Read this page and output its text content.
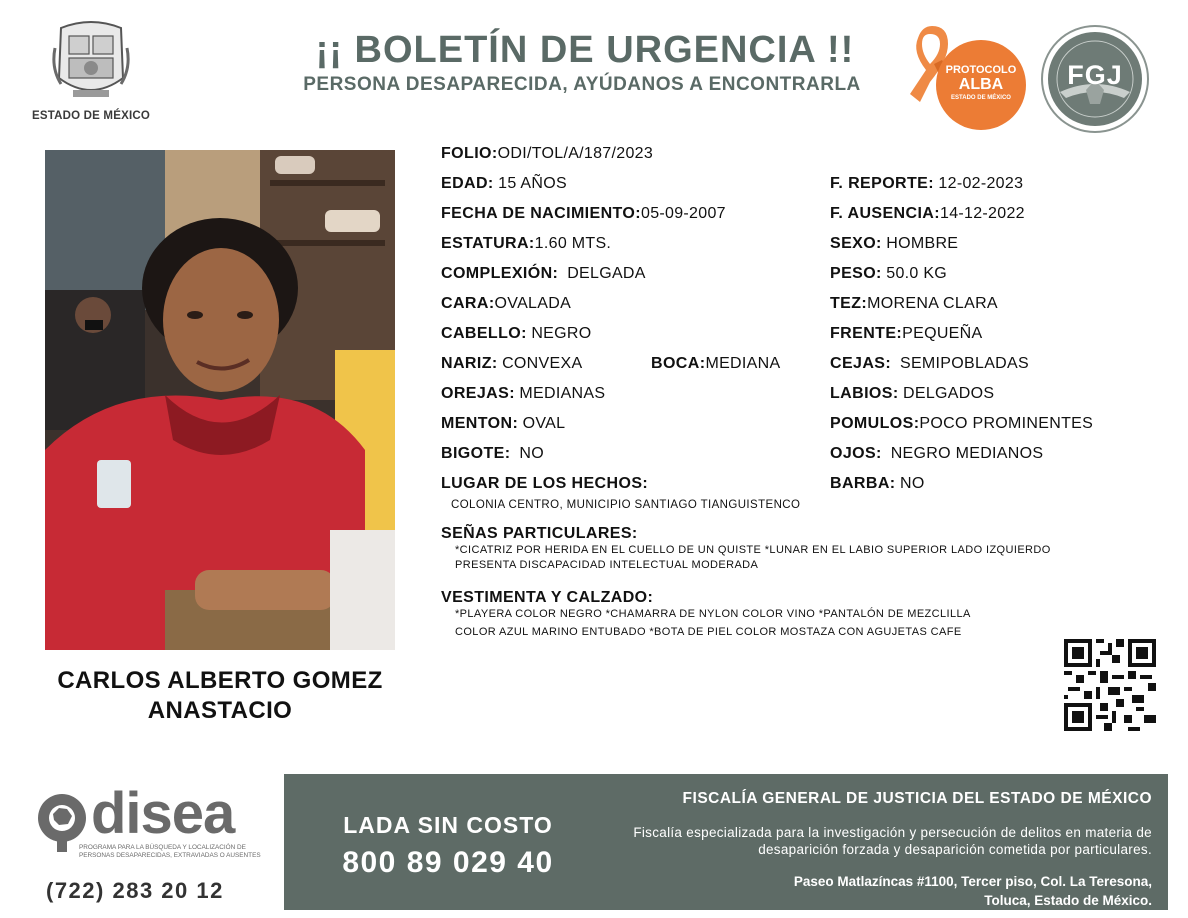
ESTADO DE MÉXICO
¡¡ BOLETÍN DE URGENCIA !!
PERSONA DESAPARECIDA, AYÚDANOS A ENCONTRARLA
PROTOCOLO
ALBA
ESTADO DE MÉXICO
FGJ
CARLOS ALBERTO GOMEZ
ANASTACIO
FOLIO:ODI/TOL/A/187/2023
EDAD: 15 AÑOS	F. REPORTE: 12-02-2023
FECHA DE NACIMIENTO:05-09-2007	F. AUSENCIA:14-12-2022
ESTATURA:1.60 MTS.	SEXO: HOMBRE
COMPLEXIÓN: DELGADA	PESO: 50.0 KG
CARA:OVALADA	TEZ:MORENA CLARA
CABELLO: NEGRO	FRENTE:PEQUEÑA
NARIZ: CONVEXA	BOCA:MEDIANA	CEJAS: SEMIPOBLADAS
OREJAS: MEDIANAS	LABIOS: DELGADOS
MENTON: OVAL	POMULOS:POCO PROMINENTES
BIGOTE: NO	OJOS: NEGRO MEDIANOS
LUGAR DE LOS HECHOS:	BARBA: NO
COLONIA CENTRO, MUNICIPIO SANTIAGO TIANGUISTENCO
SEÑAS PARTICULARES:
*CICATRIZ POR HERIDA EN EL CUELLO DE UN QUISTE *LUNAR EN EL LABIO SUPERIOR LADO IZQUIERDO
PRESENTA DISCAPACIDAD INTELECTUAL MODERADA
VESTIMENTA Y CALZADO:
*PLAYERA COLOR NEGRO *CHAMARRA DE NYLON COLOR VINO *PANTALÓN DE MEZCLILLA
COLOR AZUL MARINO ENTUBADO *BOTA DE PIEL COLOR MOSTAZA CON AGUJETAS CAFE
disea
PROGRAMA PARA LA BÚSQUEDA Y LOCALIZACIÓN DE PERSONAS DESAPARECIDAS, EXTRAVIADAS O AUSENTES
(722) 283 20 12
LADA SIN COSTO
800 89 029 40
FISCALÍA GENERAL DE JUSTICIA DEL ESTADO DE MÉXICO
Fiscalía especializada para la investigación y persecución de delitos en materia de desaparición forzada y desaparición cometida por particulares.
Paseo Matlazíncas #1100, Tercer piso, Col. La Teresona,
Toluca, Estado de México.
